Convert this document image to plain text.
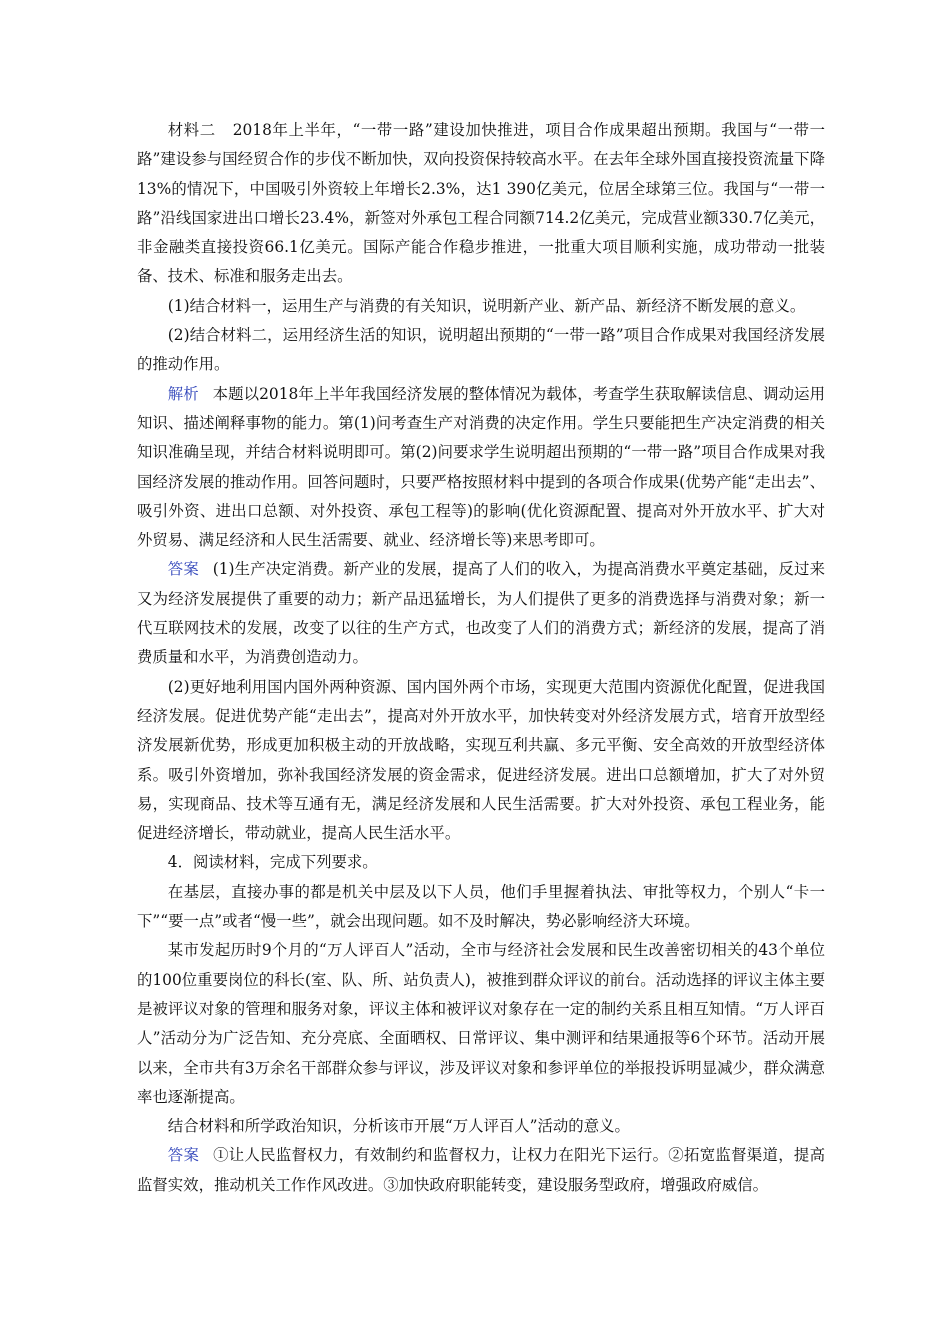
材料二 2018年上半年，“一带一路”建设加快推进，项目合作成果超出预期。我国与“一带一路”建设参与国经贸合作的步伐不断加快，双向投资保持较高水平。在去年全球外国直接投资流量下降13%的情况下，中国吸引外资较上年增长2.3%，达1 390亿美元，位居全球第三位。我国与“一带一路”沿线国家进出口增长23.4%，新签对外承包工程合同额714.2亿美元，完成营业额330.7亿美元，非金融类直接投资66.1亿美元。国际产能合作稳步推进，一批重大项目顺利实施，成功带动一批装备、技术、标准和服务走出去。

(1)结合材料一，运用生产与消费的有关知识，说明新产业、新产品、新经济不断发展的意义。

(2)结合材料二，运用经济生活的知识，说明超出预期的“一带一路”项目合作成果对我国经济发展的推动作用。

解析 本题以2018年上半年我国经济发展的整体情况为载体，考查学生获取解读信息、调动运用知识、描述阐释事物的能力。第(1)问考查生产对消费的决定作用。学生只要能把生产决定消费的相关知识准确呈现，并结合材料说明即可。第(2)问要求学生说明超出预期的“一带一路”项目合作成果对我国经济发展的推动作用。回答问题时，只要严格按照材料中提到的各项合作成果(优势产能“走出去”、吸引外资、进出口总额、对外投资、承包工程等)的影响(优化资源配置、提高对外开放水平、扩大对外贸易、满足经济和人民生活需要、就业、经济增长等)来思考即可。

答案 (1)生产决定消费。新产业的发展，提高了人们的收入，为提高消费水平奠定基础，反过来又为经济发展提供了重要的动力；新产品迅猛增长，为人们提供了更多的消费选择与消费对象；新一代互联网技术的发展，改变了以往的生产方式，也改变了人们的消费方式；新经济的发展，提高了消费质量和水平，为消费创造动力。

(2)更好地利用国内国外两种资源、国内国外两个市场，实现更大范围内资源优化配置，促进我国经济发展。促进优势产能“走出去”，提高对外开放水平，加快转变对外经济发展方式，培育开放型经济发展新优势，形成更加积极主动的开放战略，实现互利共赢、多元平衡、安全高效的开放型经济体系。吸引外资增加，弥补我国经济发展的资金需求，促进经济发展。进出口总额增加，扩大了对外贸易，实现商品、技术等互通有无，满足经济发展和人民生活需要。扩大对外投资、承包工程业务，能促进经济增长，带动就业，提高人民生活水平。

4．阅读材料，完成下列要求。

在基层，直接办事的都是机关中层及以下人员，他们手里握着执法、审批等权力，个别人“卡一下”“要一点”或者“慢一些”，就会出现问题。如不及时解决，势必影响经济大环境。

某市发起历时9个月的“万人评百人”活动，全市与经济社会发展和民生改善密切相关的43个单位的100位重要岗位的科长(室、队、所、站负责人)，被推到群众评议的前台。活动选择的评议主体主要是被评议对象的管理和服务对象，评议主体和被评议对象存在一定的制约关系且相互知情。“万人评百人”活动分为广泛告知、充分亮底、全面晒权、日常评议、集中测评和结果通报等6个环节。活动开展以来，全市共有3万余名干部群众参与评议，涉及评议对象和参评单位的举报投诉明显减少，群众满意率也逐渐提高。

结合材料和所学政治知识，分析该市开展“万人评百人”活动的意义。

答案 ①让人民监督权力，有效制约和监督权力，让权力在阳光下运行。②拓宽监督渠道，提高监督实效，推动机关工作作风改进。③加快政府职能转变，建设服务型政府，增强政府威信。
